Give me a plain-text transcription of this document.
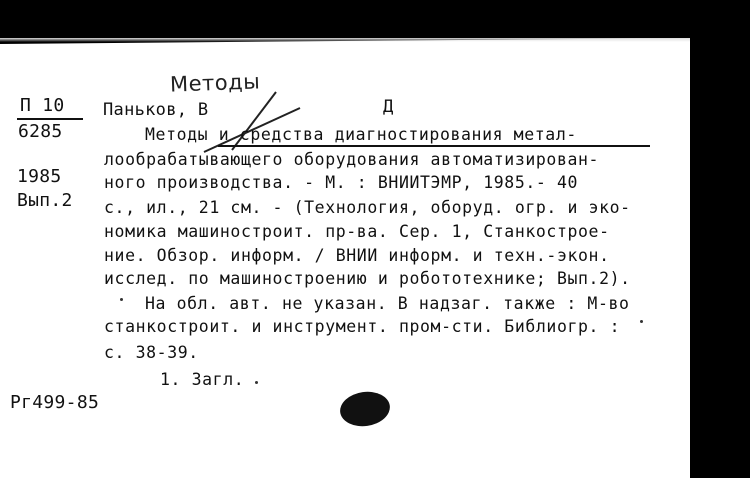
Методы
П 10
6285
1985
Вып.2
Паньков, В	Д
Методы и средства диагностирования метал-
лообрабатывающего оборудования автоматизирован-
ного производства. - М. : ВНИИТЭМР, 1985.- 40
с., ил., 21 см. - (Технология, оборуд. огр. и эко-
номика машиностроит. пр-ва. Сер. 1, Станкостроe-
ние. Обзор. информ. / ВНИИ информ. и техн.-экон.
исслед. по машиностроению и робототехнике; Вып.2).
На обл. авт. не указан. В надзаг. также : М-во
станкостроит. и инструмент. пром-сти. Библиогр. :
с. 38-39.
1. Загл.
Рг499-85
